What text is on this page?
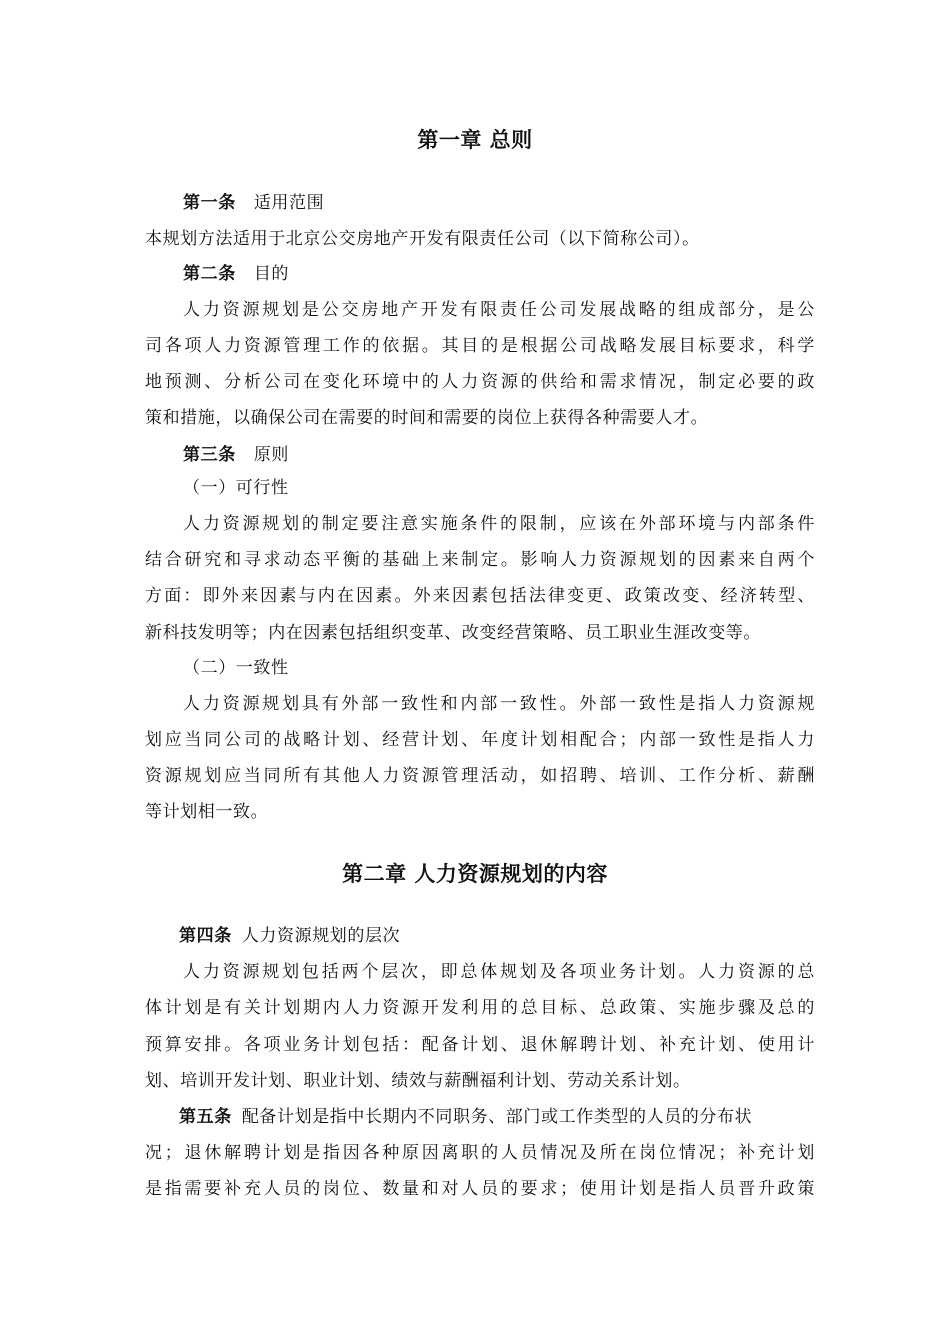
第一章 总则
第一条 适用范围
本规划方法适用于北京公交房地产开发有限责任公司（以下简称公司）。
第二条 目的
人力资源规划是公交房地产开发有限责任公司发展战略的组成部分，是公
司各项人力资源管理工作的依据。其目的是根据公司战略发展目标要求，科学
地预测、分析公司在变化环境中的人力资源的供给和需求情况，制定必要的政
策和措施，以确保公司在需要的时间和需要的岗位上获得各种需要人才。
第三条 原则
（一）可行性
人力资源规划的制定要注意实施条件的限制，应该在外部环境与内部条件
结合研究和寻求动态平衡的基础上来制定。影响人力资源规划的因素来自两个
方面：即外来因素与内在因素。外来因素包括法律变更、政策改变、经济转型、
新科技发明等；内在因素包括组织变革、改变经营策略、员工职业生涯改变等。
（二）一致性
人力资源规划具有外部一致性和内部一致性。外部一致性是指人力资源规
划应当同公司的战略计划、经营计划、年度计划相配合；内部一致性是指人力
资源规划应当同所有其他人力资源管理活动，如招聘、培训、工作分析、薪酬
等计划相一致。
第二章 人力资源规划的内容
第四条 人力资源规划的层次
人力资源规划包括两个层次，即总体规划及各项业务计划。人力资源的总
体计划是有关计划期内人力资源开发利用的总目标、总政策、实施步骤及总的
预算安排。各项业务计划包括：配备计划、退休解聘计划、补充计划、使用计
划、培训开发计划、职业计划、绩效与薪酬福利计划、劳动关系计划。
第五条 配备计划是指中长期内不同职务、部门或工作类型的人员的分布状
况；退休解聘计划是指因各种原因离职的人员情况及所在岗位情况；补充计划
是指需要补充人员的岗位、数量和对人员的要求；使用计划是指人员晋升政策
